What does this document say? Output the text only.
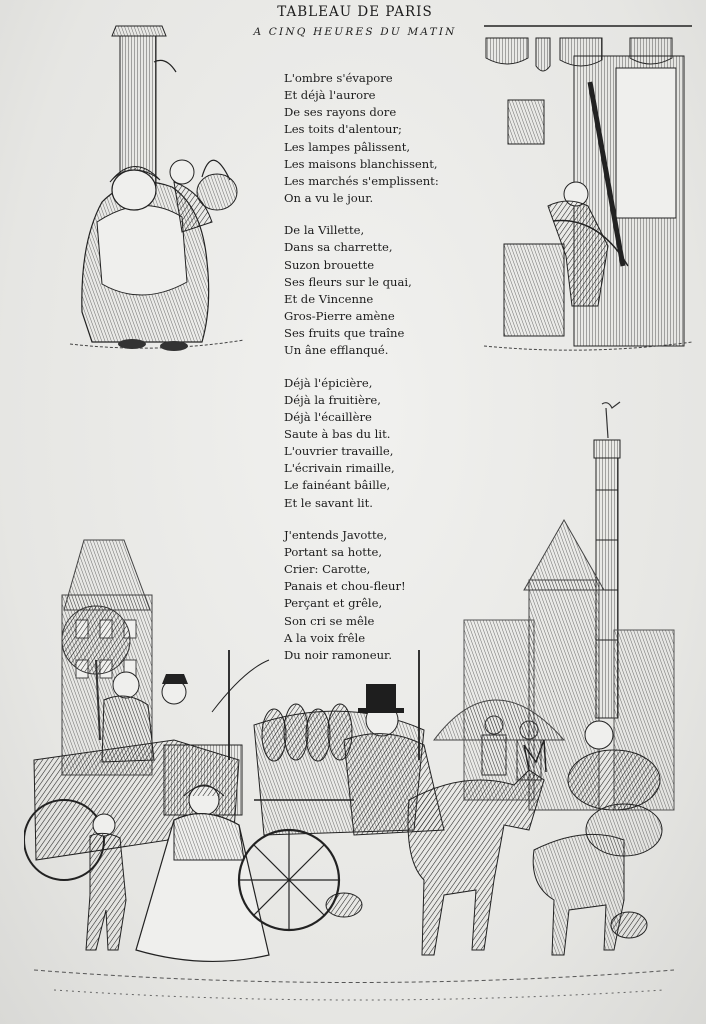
TABLEAU DE PARIS
A CINQ HEURES DU MATIN
L'ombre s'évapore
Et déjà l'aurore
De ses rayons dore
Les toits d'alentour;
Les lampes pâlissent,
Les maisons blanchissent,
Les marchés s'emplissent:
On a vu le jour.
De la Villette,
Dans sa charrette,
Suzon brouette
Ses fleurs sur le quai,
Et de Vincenne
Gros-Pierre amène
Ses fruits que traîne
Un âne efflanqué.
Déjà l'épicière,
Déjà la fruitière,
Déjà l'écaillère
Saute à bas du lit.
L'ouvrier travaille,
L'écrivain rimaille,
Le fainéant bâille,
Et le savant lit.
J'entends Javotte,
Portant sa hotte,
Crier: Carotte,
Panais et chou-fleur!
Perçant et grêle,
Son cri se mêle
A la voix frêle
Du noir ramoneur.
